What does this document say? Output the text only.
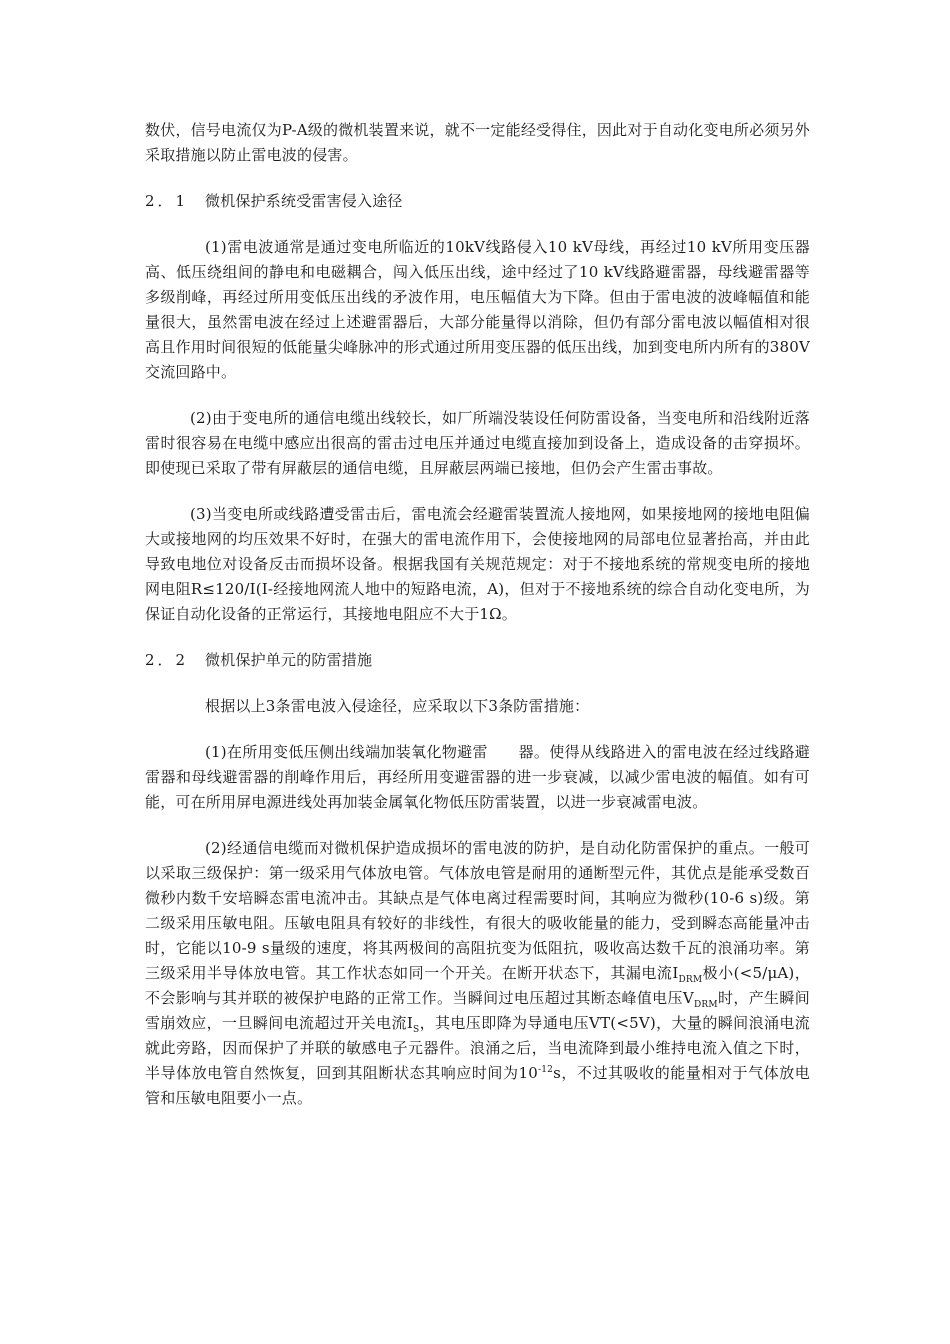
数伏，信号电流仅为P-A级的微机装置来说，就不一定能经受得住，因此对于自动化变电所必须另外采取措施以防止雷电波的侵害。

2．1 微机保护系统受雷害侵入途径

(1)雷电波通常是通过变电所临近的10kV线路侵入10 kV母线，再经过10 kV所用变压器高、低压绕组间的静电和电磁耦合，闯入低压出线，途中经过了10 kV线路避雷器，母线避雷器等多级削峰，再经过所用变低压出线的矛波作用，电压幅值大为下降。但由于雷电波的波峰幅值和能量很大，虽然雷电波在经过上述避雷器后，大部分能量得以消除，但仍有部分雷电波以幅值相对很高且作用时间很短的低能量尖峰脉冲的形式通过所用变压器的低压出线，加到变电所内所有的380V交流回路中。

(2)由于变电所的通信电缆出线较长，如厂所端没装设任何防雷设备，当变电所和沿线附近落雷时很容易在电缆中感应出很高的雷击过电压并通过电缆直接加到设备上，造成设备的击穿损坏。即使现已采取了带有屏蔽层的通信电缆，且屏蔽层两端已接地，但仍会产生雷击事故。

(3)当变电所或线路遭受雷击后，雷电流会经避雷装置流人接地网，如果接地网的接地电阻偏大或接地网的均压效果不好时，在强大的雷电流作用下，会使接地网的局部电位显著抬高，并由此导致电地位对设备反击而损坏设备。根据我国有关规范规定：对于不接地系统的常规变电所的接地网电阻R≤120/I(I-经接地网流人地中的短路电流，A)，但对于不接地系统的综合自动化变电所，为保证自动化设备的正常运行，其接地电阻应不大于1Ω。

2．2 微机保护单元的防雷措施

根据以上3条雷电波入侵途径，应采取以下3条防雷措施：

(1)在所用变低压侧出线端加装氧化物避雷　　器。使得从线路进入的雷电波在经过线路避雷器和母线避雷器的削峰作用后，再经所用变避雷器的进一步衰减，以减少雷电波的幅值。如有可能，可在所用屏电源进线处再加装金属氧化物低压防雷装置，以进一步衰减雷电波。

(2)经通信电缆而对微机保护造成损坏的雷电波的防护，是自动化防雷保护的重点。一般可以采取三级保护：第一级采用气体放电管。气体放电管是耐用的通断型元件，其优点是能承受数百微秒内数千安培瞬态雷电流冲击。其缺点是气体电离过程需要时间，其响应为微秒(10-6 s)级。第二级采用压敏电阻。压敏电阻具有较好的非线性，有很大的吸收能量的能力，受到瞬态高能量冲击时，它能以10-9 s量级的速度，将其两极间的高阻抗变为低阻抗，吸收高达数千瓦的浪涌功率。第三级采用半导体放电管。其工作状态如同一个开关。在断开状态下，其漏电流$I_{DRM}$极小(<5/μA)，不会影响与其并联的被保护电路的正常工作。当瞬间过电压超过其断态峰值电压$V_{DRM}$时，产生瞬间雪崩效应，一旦瞬间电流超过开关电流$I_S$，其电压即降为导通电压VT(<5V)，大量的瞬间浪涌电流就此旁路，因而保护了并联的敏感电子元器件。浪涌之后，当电流降到最小维持电流入值之下时，半导体放电管自然恢复，回到其阻断状态其响应时间为$10^{-12}s$，不过其吸收的能量相对于气体放电管和压敏电阻要小一点。
